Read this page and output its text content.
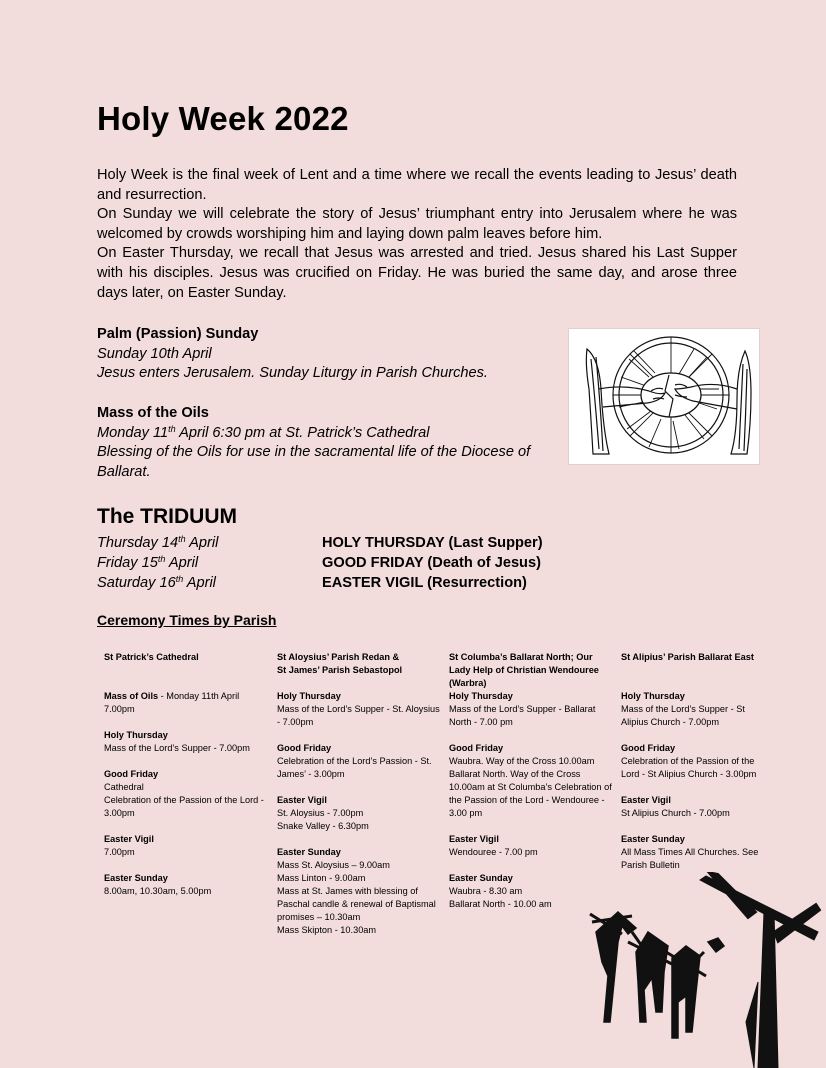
Holy Week 2022

Holy Week is the final week of Lent and a time where we recall the events leading to Jesus’ death and resurrection.

On Sunday we will celebrate the story of Jesus’ triumphant entry into Jerusalem where he was welcomed by crowds worshiping him and laying down palm leaves before him.

On Easter Thursday, we recall that Jesus was arrested and tried. Jesus shared his Last Supper with his disciples. Jesus was crucified on Friday. He was buried the same day, and arose three days later, on Easter Sunday.

Palm (Passion) Sunday
Sunday 10th April
Jesus enters Jerusalem. Sunday Liturgy in Parish Churches.
Mass of the Oils
Monday 11th April 6:30 pm at St. Patrick’s Cathedral
Blessing of the Oils for use in the sacramental life of the Diocese of Ballarat.
The TRIDUUM
Thursday 14th April	HOLY THURSDAY (Last Supper)
Friday 15th April	GOOD FRIDAY (Death of Jesus)
Saturday 16th April	EASTER VIGIL (Resurrection)
Ceremony Times by Parish
St Patrick’s Cathedral
Mass of Oils - Monday 11th April 7.00pm
Holy Thursday
Mass of the Lord’s Supper - 7.00pm
Good Friday
Cathedral
Celebration of the Passion of the Lord - 3.00pm
Easter Vigil
7.00pm
Easter Sunday
8.00am, 10.30am, 5.00pm
St Aloysius’ Parish Redan &
St James’ Parish Sebastopol
Holy Thursday
Mass of the Lord’s Supper - St. Aloysius - 7.00pm
Good Friday
Celebration of the Lord’s Passion - St. James’ - 3.00pm
Easter Vigil
St. Aloysius - 7.00pm
Snake Valley - 6.30pm
Easter Sunday
Mass St. Aloysius – 9.00am
Mass Linton - 9.00am
Mass at St. James with blessing of Paschal candle & renewal of Baptismal promises – 10.30am
Mass Skipton - 10.30am
St Columba’s Ballarat North; Our Lady Help of Christian Wendouree (Warbra)
Holy Thursday
Mass of the Lord’s Supper - Ballarat North - 7.00 pm
Good Friday
Waubra. Way of the Cross 10.00am Ballarat North. Way of the Cross 10.00am at St Columba’s Celebration of the Passion of the Lord - Wendouree - 3.00 pm
Easter Vigil
Wendouree - 7.00 pm
Easter Sunday
Waubra - 8.30 am
Ballarat North - 10.00 am
St Alipius’ Parish Ballarat East
Holy Thursday
Mass of the Lord’s Supper - St Alipius Church - 7.00pm
Good Friday
Celebration of the Passion of the Lord - St Alipius Church - 3.00pm
Easter Vigil
St Alipius Church - 7.00pm
Easter Sunday
All Mass Times All Churches. See Parish Bulletin
